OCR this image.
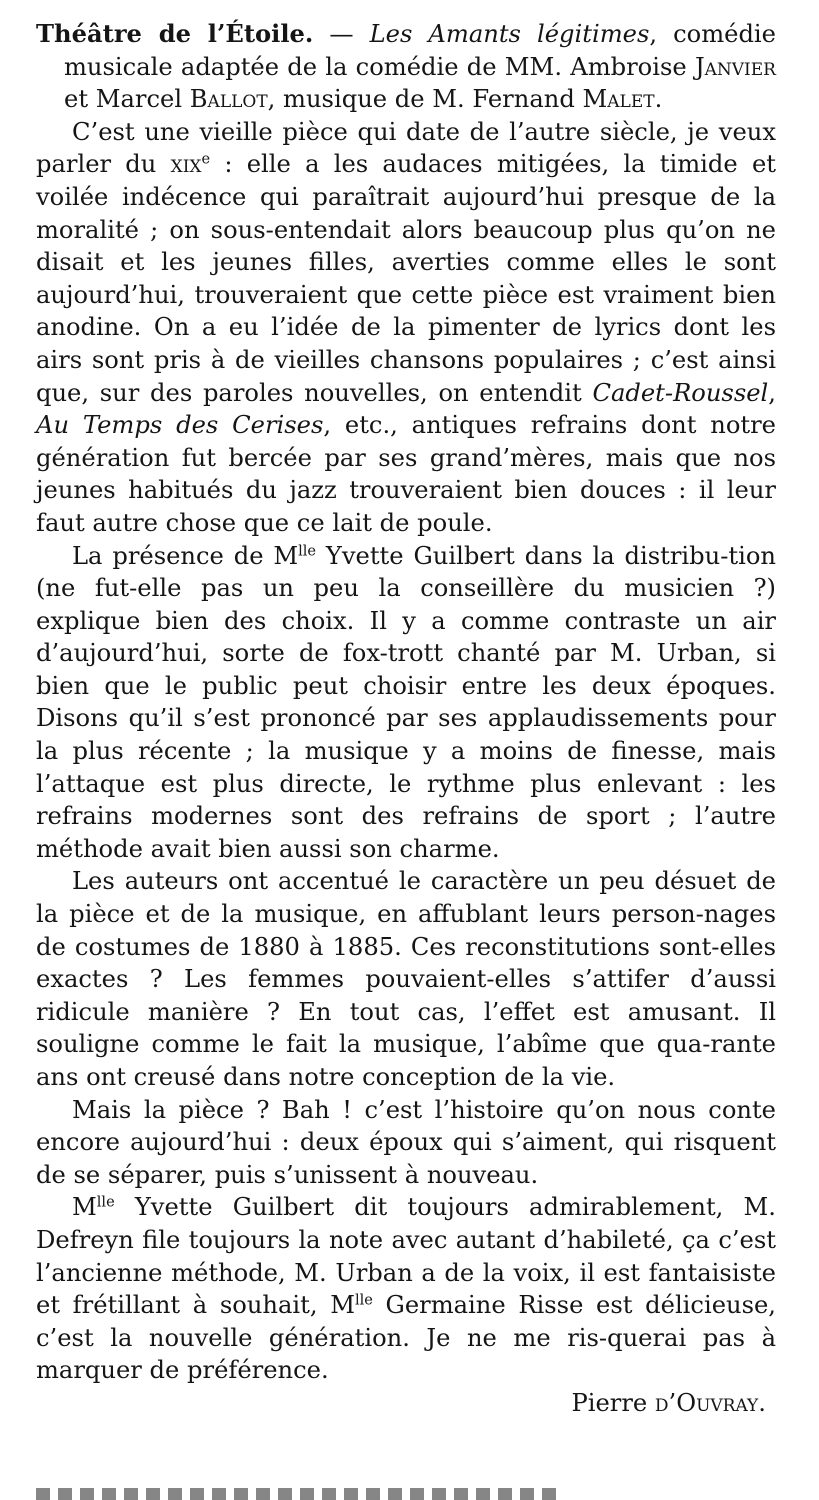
Théâtre de l’Étoile. — Les Amants légitimes, comédie musicale adaptée de la comédie de MM. Ambroise Janvier et Marcel Ballot, musique de M. Fernand Malet.

C’est une vieille pièce qui date de l’autre siècle, je veux parler du xix$^e$ : elle a les audaces mitigées, la timide et voilée indécence qui paraîtrait aujourd’hui presque de la moralité ; on sous-entendait alors beaucoup plus qu’on ne disait et les jeunes filles, averties comme elles le sont aujourd’hui, trouveraient que cette pièce est vraiment bien anodine. On a eu l’idée de la pimenter de lyrics dont les airs sont pris à de vieilles chansons populaires ; c’est ainsi que, sur des paroles nouvelles, on entendit Cadet-Roussel, Au Temps des Cerises, etc., antiques refrains dont notre génération fut bercée par ses grand’mères, mais que nos jeunes habitués du jazz trouveraient bien douces : il leur faut autre chose que ce lait de poule.

La présence de $M^{lle}$ Yvette Guilbert dans la distribu-tion (ne fut-elle pas un peu la conseillère du musicien ?) explique bien des choix. Il y a comme contraste un air d’aujourd’hui, sorte de fox-trott chanté par M. Urban, si bien que le public peut choisir entre les deux époques. Disons qu’il s’est prononcé par ses applaudissements pour la plus récente ; la musique y a moins de finesse, mais l’attaque est plus directe, le rythme plus enlevant : les refrains modernes sont des refrains de sport ; l’autre méthode avait bien aussi son charme.

Les auteurs ont accentué le caractère un peu désuet de la pièce et de la musique, en affublant leurs person-nages de costumes de 1880 à 1885. Ces reconstitutions sont-elles exactes ? Les femmes pouvaient-elles s’attifer d’aussi ridicule manière ? En tout cas, l’effet est amusant. Il souligne comme le fait la musique, l’abîme que qua-rante ans ont creusé dans notre conception de la vie.

Mais la pièce ? Bah ! c’est l’histoire qu’on nous conte encore aujourd’hui : deux époux qui s’aiment, qui risquent de se séparer, puis s’unissent à nouveau.

$M^{lle}$ Yvette Guilbert dit toujours admirablement, M. Defreyn file toujours la note avec autant d’habileté, ça c’est l’ancienne méthode, M. Urban a de la voix, il est fantaisiste et frétillant à souhait, $M^{lle}$ Germaine Risse est délicieuse, c’est la nouvelle génération. Je ne me ris-querai pas à marquer de préférence.

Pierre d’Ouvray.
